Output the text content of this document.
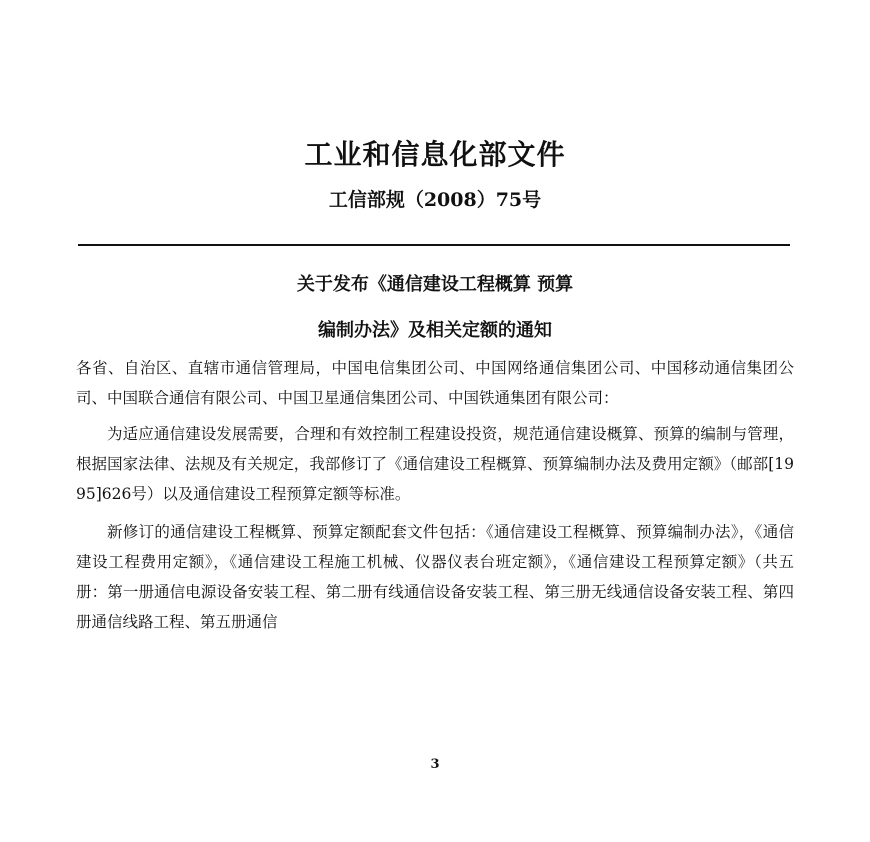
工业和信息化部文件
工信部规（2008）75号
关于发布《通信建设工程概算 预算
编制办法》及相关定额的通知

各省、自治区、直辖市通信管理局，中国电信集团公司、中国网络通信集团公司、中国移动通信集团公司、中国联合通信有限公司、中国卫星通信集团公司、中国铁通集团有限公司：

为适应通信建设发展需要，合理和有效控制工程建设投资，规范通信建设概算、预算的编制与管理，根据国家法律、法规及有关规定，我部修订了《通信建设工程概算、预算编制办法及费用定额》（邮部[1995]626号）以及通信建设工程预算定额等标准。

新修订的通信建设工程概算、预算定额配套文件包括：《通信建设工程概算、预算编制办法》，《通信建设工程费用定额》，《通信建设工程施工机械、仪器仪表台班定额》，《通信建设工程预算定额》（共五册：第一册通信电源设备安装工程、第二册有线通信设备安装工程、第三册无线通信设备安装工程、第四册通信线路工程、第五册通信

3
